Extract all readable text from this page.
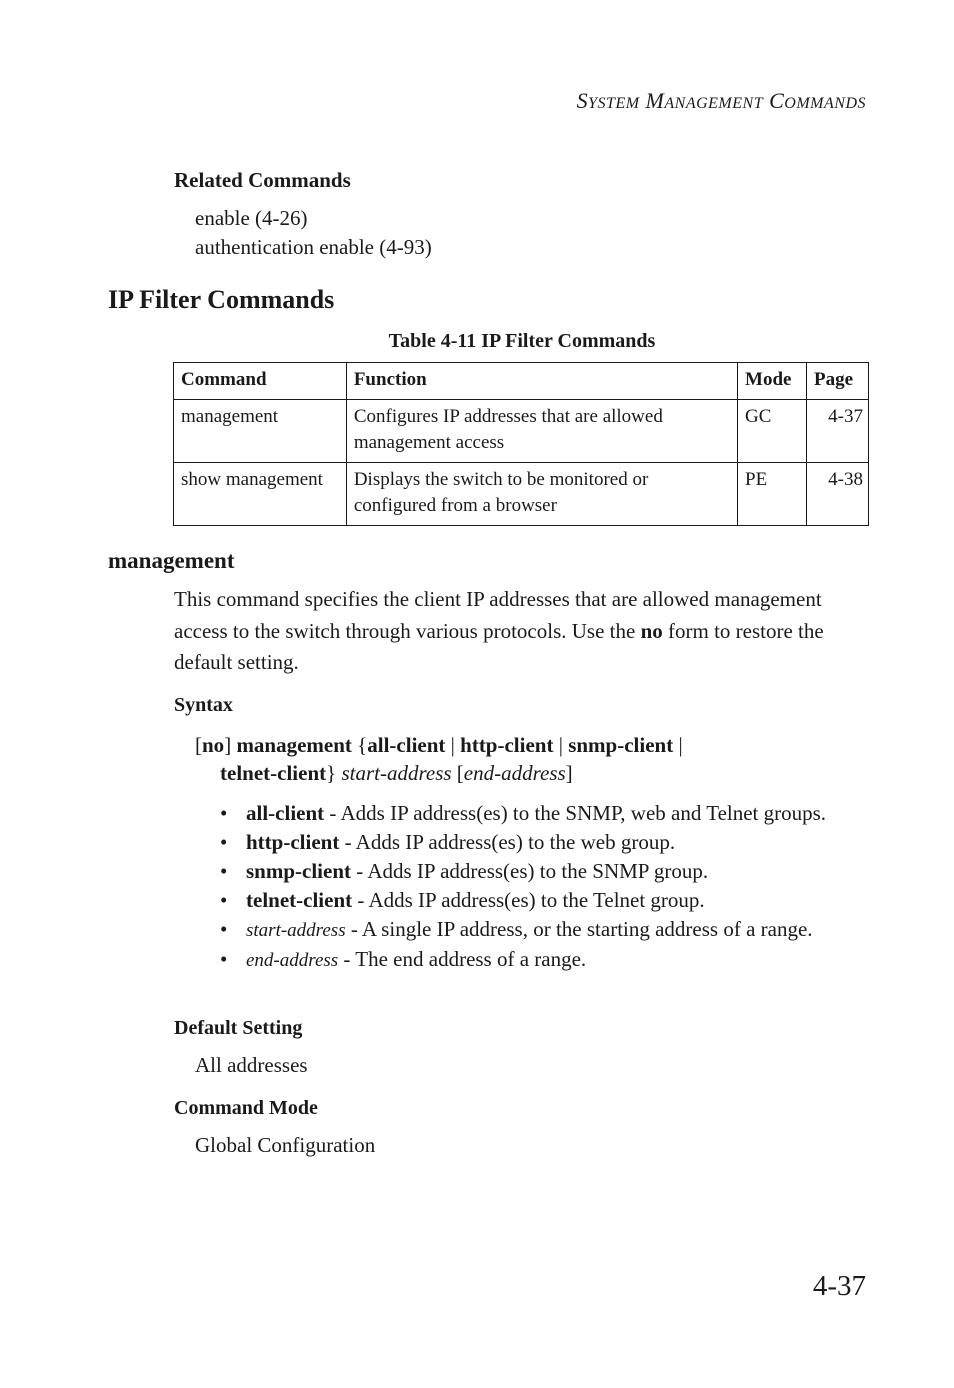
SYSTEM MANAGEMENT COMMANDS
Related Commands
enable (4-26)
authentication enable (4-93)
IP Filter Commands
Table 4-11 IP Filter Commands
Command	Function	Mode	Page
management	Configures IP addresses that are allowed management access	GC	4-37
show management	Displays the switch to be monitored or configured from a browser	PE	4-38
management
This command specifies the client IP addresses that are allowed management access to the switch through various protocols. Use the no form to restore the default setting.
Syntax
[no] management {all-client | http-client | snmp-client |
telnet-client} start-address [end-address]
• all-client - Adds IP address(es) to the SNMP, web and Telnet groups.
• http-client - Adds IP address(es) to the web group.
• snmp-client - Adds IP address(es) to the SNMP group.
• telnet-client - Adds IP address(es) to the Telnet group.
• start-address - A single IP address, or the starting address of a range.
• end-address - The end address of a range.
Default Setting
All addresses
Command Mode
Global Configuration
4-37
